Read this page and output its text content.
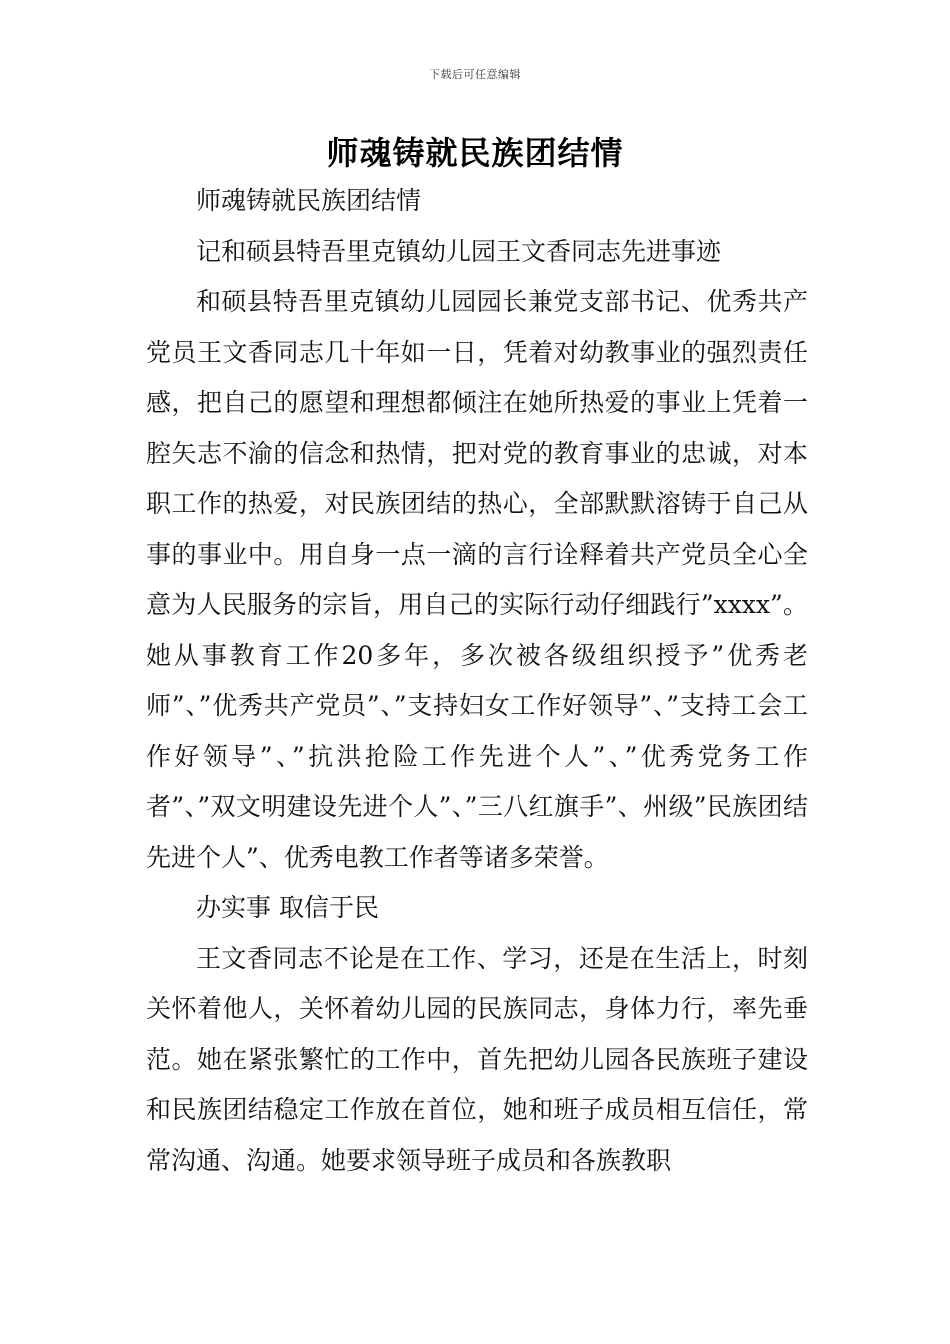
下载后可任意编辑
师魂铸就民族团结情

师魂铸就民族团结情

记和硕县特吾里克镇幼儿园王文香同志先进事迹

和硕县特吾里克镇幼儿园园长兼党支部书记、优秀共产党员王文香同志几十年如一日，凭着对幼教事业的强烈责任感，把自己的愿望和理想都倾注在她所热爱的事业上凭着一腔矢志不渝的信念和热情，把对党的教育事业的忠诚，对本职工作的热爱，对民族团结的热心，全部默默溶铸于自己从事的事业中。用自身一点一滴的言行诠释着共产党员全心全意为人民服务的宗旨，用自己的实际行动仔细践行”xxxx”。她从事教育工作20多年，多次被各级组织授予”优秀老师”、”优秀共产党员”、”支持妇女工作好领导”、”支持工会工作好领导”、”抗洪抢险工作先进个人”、”优秀党务工作者”、”双文明建设先进个人”、”三八红旗手”、州级”民族团结先进个人”、优秀电教工作者等诸多荣誉。

办实事 取信于民

王文香同志不论是在工作、学习，还是在生活上，时刻关怀着他人，关怀着幼儿园的民族同志，身体力行，率先垂范。她在紧张繁忙的工作中，首先把幼儿园各民族班子建设和民族团结稳定工作放在首位，她和班子成员相互信任，常常沟通、沟通。她要求领导班子成员和各族教职
